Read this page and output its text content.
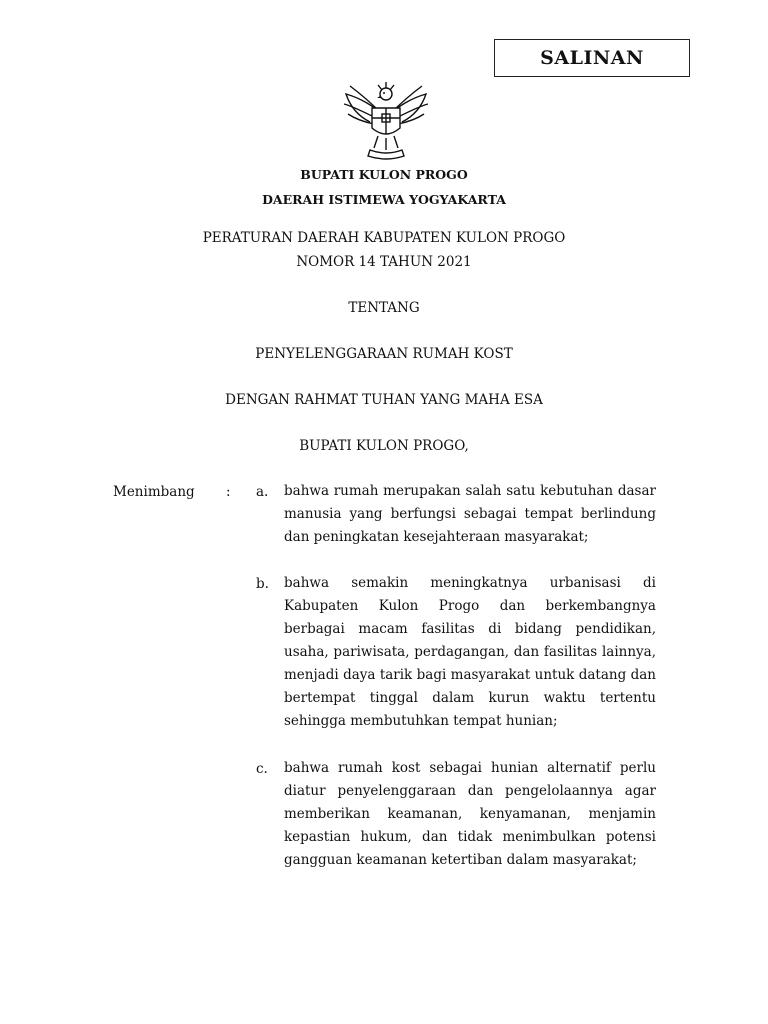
SALINAN
BUPATI KULON PROGO
DAERAH ISTIMEWA YOGYAKARTA
PERATURAN DAERAH KABUPATEN KULON PROGO
NOMOR 14 TAHUN 2021
TENTANG
PENYELENGGARAAN RUMAH KOST
DENGAN RAHMAT TUHAN YANG MAHA ESA
BUPATI KULON PROGO,
Menimbang : a. bahwa rumah merupakan salah satu kebutuhan dasar manusia yang berfungsi sebagai tempat berlindung dan peningkatan kesejahteraan masyarakat;
b. bahwa semakin meningkatnya urbanisasi di Kabupaten Kulon Progo dan berkembangnya berbagai macam fasilitas di bidang pendidikan, usaha, pariwisata, perdagangan, dan fasilitas lainnya, menjadi daya tarik bagi masyarakat untuk datang dan bertempat tinggal dalam kurun waktu tertentu sehingga membutuhkan tempat hunian;
c. bahwa rumah kost sebagai hunian alternatif perlu diatur penyelenggaraan dan pengelolaannya agar memberikan keamanan, kenyamanan, menjamin kepastian hukum, dan tidak menimbulkan potensi gangguan keamanan ketertiban dalam masyarakat;
